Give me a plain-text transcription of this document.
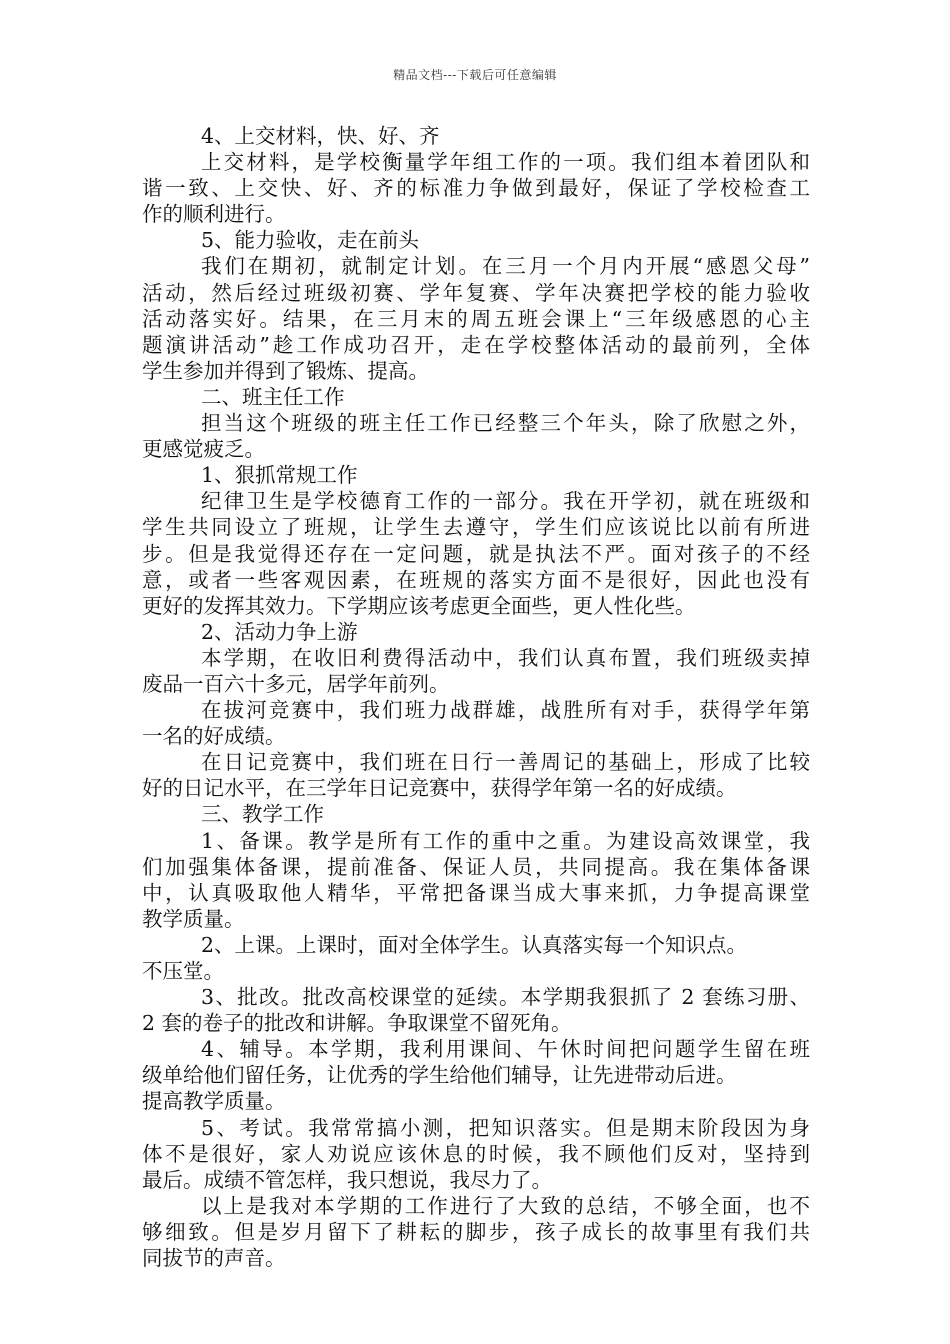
精品文档---下载后可任意编辑
4、上交材料，快、好、齐
上交材料，是学校衡量学年组工作的一项。我们组本着团队和
谐一致、上交快、好、齐的标准力争做到最好，保证了学校检查工
作的顺利进行。
5、能力验收，走在前头
我们在期初，就制定计划。在三月一个月内开展“感恩父母”
活动，然后经过班级初赛、学年复赛、学年决赛把学校的能力验收
活动落实好。结果，在三月末的周五班会课上“三年级感恩的心主
题演讲活动”趁工作成功召开，走在学校整体活动的最前列，全体
学生参加并得到了锻炼、提高。
二、班主任工作
担当这个班级的班主任工作已经整三个年头，除了欣慰之外，
更感觉疲乏。
1、狠抓常规工作
纪律卫生是学校德育工作的一部分。我在开学初，就在班级和
学生共同设立了班规，让学生去遵守，学生们应该说比以前有所进
步。但是我觉得还存在一定问题，就是执法不严。面对孩子的不经
意，或者一些客观因素，在班规的落实方面不是很好，因此也没有
更好的发挥其效力。下学期应该考虑更全面些，更人性化些。
2、活动力争上游
本学期，在收旧利费得活动中，我们认真布置，我们班级卖掉
废品一百六十多元，居学年前列。
在拔河竞赛中，我们班力战群雄，战胜所有对手，获得学年第
一名的好成绩。
在日记竞赛中，我们班在日行一善周记的基础上，形成了比较
好的日记水平，在三学年日记竞赛中，获得学年第一名的好成绩。
三、教学工作
1、备课。教学是所有工作的重中之重。为建设高效课堂，我
们加强集体备课，提前准备、保证人员，共同提高。我在集体备课
中，认真吸取他人精华，平常把备课当成大事来抓，力争提高课堂
教学质量。
2、上课。上课时，面对全体学生。认真落实每一个知识点。
不压堂。
3、批改。批改高校课堂的延续。本学期我狠抓了 2 套练习册、
2 套的卷子的批改和讲解。争取课堂不留死角。
4、辅导。本学期，我利用课间、午休时间把问题学生留在班
级单给他们留任务，让优秀的学生给他们辅导，让先进带动后进。
提高教学质量。
5、考试。我常常搞小测，把知识落实。但是期末阶段因为身
体不是很好，家人劝说应该休息的时候，我不顾他们反对，坚持到
最后。成绩不管怎样，我只想说，我尽力了。
以上是我对本学期的工作进行了大致的总结，不够全面，也不
够细致。但是岁月留下了耕耘的脚步，孩子成长的故事里有我们共
同拔节的声音。
